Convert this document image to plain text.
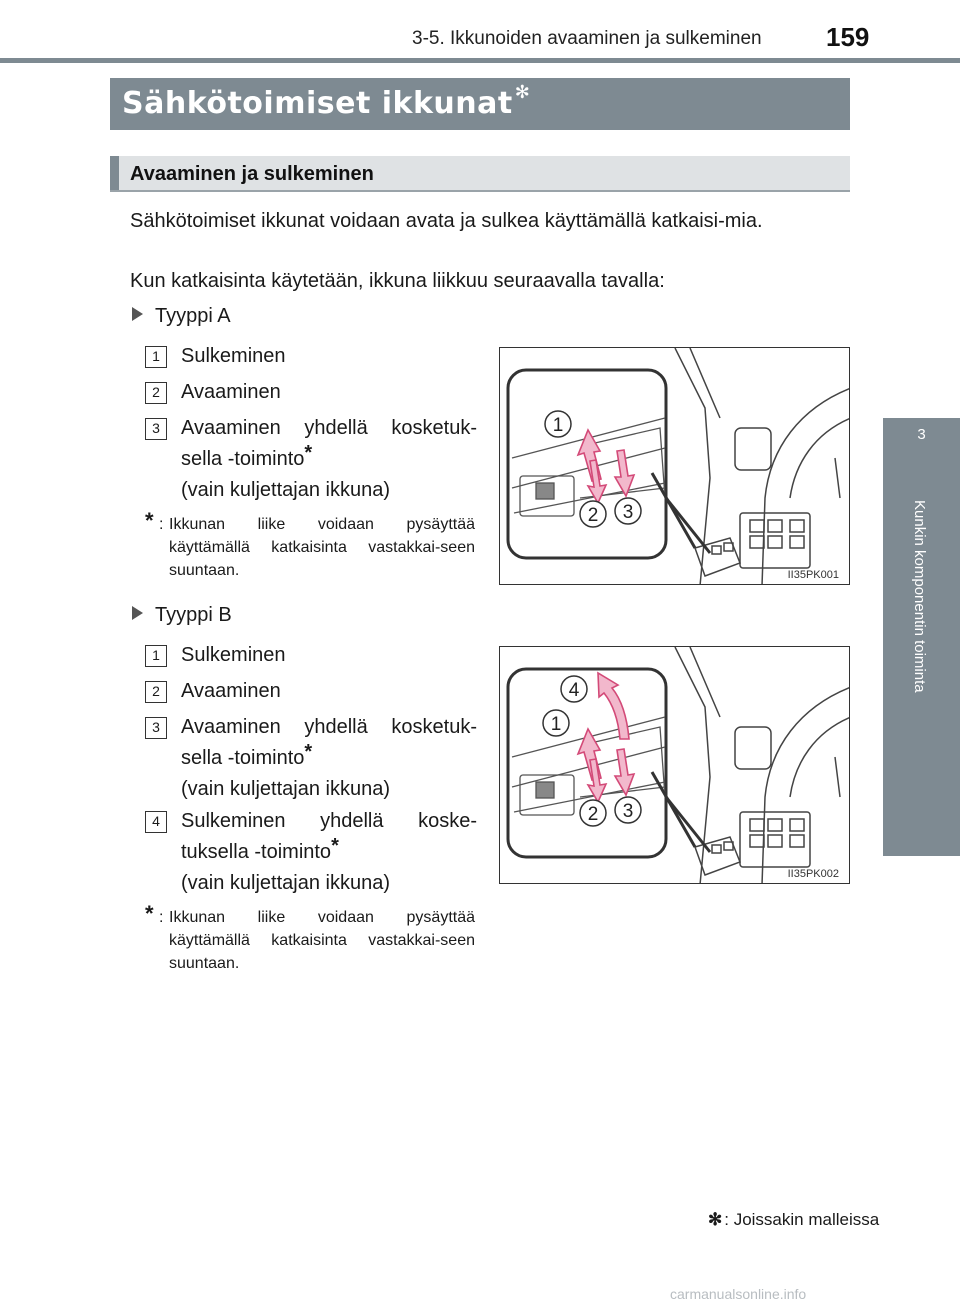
3-5. Ikkunoiden avaaminen ja sulkeminen 159
3
Kunkin komponentin toiminta
Sähkötoimiset ikkunat ✻
Avaaminen ja sulkeminen
Sähkötoimiset ikkunat voidaan avata ja sulkea käyttämällä katkaisi-mia.
Kun katkaisinta käytetään, ikkuna liikkuu seuraavalla tavalla:
Tyyppi A
1	Sulkeminen
2	Avaaminen
3	Avaaminen yhdellä kosketuk-sella -toiminto*
(vain kuljettajan ikkuna)
* : Ikkunan liike voidaan pysäyttää käyttämällä katkaisinta vastakkai-seen suuntaan.
1
2 3
II35PK001
Tyyppi B
1	Sulkeminen
2	Avaaminen
3	Avaaminen yhdellä kosketuk-sella -toiminto*
(vain kuljettajan ikkuna)
4	Sulkeminen yhdellä koske-tuksella -toiminto*
(vain kuljettajan ikkuna)
* : Ikkunan liike voidaan pysäyttää käyttämällä katkaisinta vastakkai-seen suuntaan.
4
1
2 3
II35PK002
✻ : Joissakin malleissa
carmanualsonline.info
